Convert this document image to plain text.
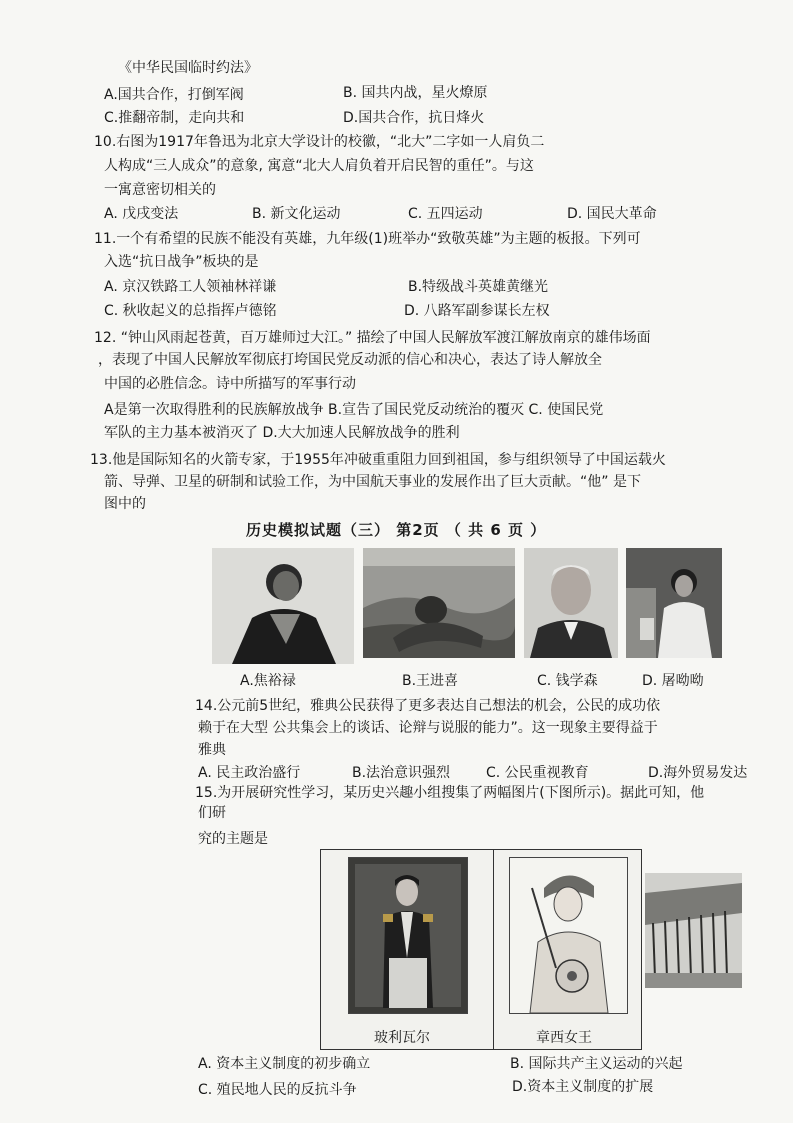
《中华民国临时约法》
A.国共合作，打倒军阀	B. 国共内战，星火燎原
C.推翻帝制，走向共和	D.国共合作，抗日烽火
10.右图为1917年鲁迅为北京大学设计的校徽，“北大”二字如一人肩负二
人构成“三人成众”的意象, 寓意“北大人肩负着开启民智的重任”。与这
一寓意密切相关的
A. 戊戌变法	B. 新文化运动	C. 五四运动	D. 国民大革命
11.一个有希望的民族不能没有英雄，九年级(1)班举办“致敬英雄”为主题的板报。下列可
入选“抗日战争”板块的是
A. 京汉铁路工人领袖林祥谦	B.特级战斗英雄黄继光
C. 秋收起义的总指挥卢德铭	D. 八路军副参谋长左权
12. “钟山风雨起苍黄，百万雄师过大江。” 描绘了中国人民解放军渡江解放南京的雄伟场面
，表现了中国人民解放军彻底打垮国民党反动派的信心和决心，表达了诗人解放全
中国的必胜信念。诗中所描写的军事行动
A是第一次取得胜利的民族解放战争 B.宣告了国民党反动统治的覆灭 C. 使国民党
军队的主力基本被消灭了 D.大大加速人民解放战争的胜利
13.他是国际知名的火箭专家，于1955年冲破重重阻力回到祖国，参与组织领导了中国运载火
箭、导弹、卫星的研制和试验工作，为中国航天事业的发展作出了巨大贡献。“他” 是下
图中的
历史模拟试题（三） 第2页 （ 共 6 页 ）
A.焦裕禄	B.王进喜	C. 钱学森	D. 屠呦呦
14.公元前5世纪，雅典公民获得了更多表达自己想法的机会，公民的成功依
赖于在大型 公共集会上的谈话、论辩与说服的能力”。这一现象主要得益于
雅典
A. 民主政治盛行	B.法治意识强烈	C. 公民重视教育	D.海外贸易发达
15.为开展研究性学习，某历史兴趣小组搜集了两幅图片(下图所示)。据此可知，他
们研
究的主题是
玻利瓦尔	章西女王
A. 资本主义制度的初步确立	B. 国际共产主义运动的兴起
C. 殖民地人民的反抗斗争	D.资本主义制度的扩展
